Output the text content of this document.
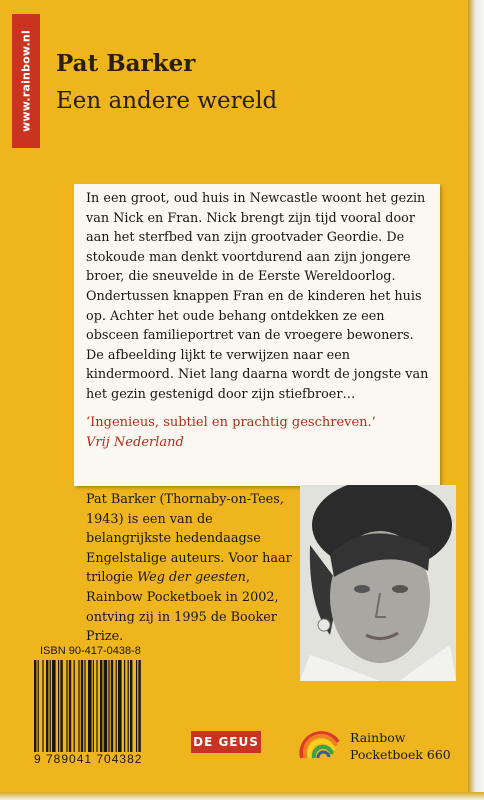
www.rainbow.nl Pat Barker
Een andere wereld

In een groot, oud huis in Newcastle woont het gezin van Nick en Fran. Nick brengt zijn tijd vooral door aan het sterfbed van zijn grootvader Geordie. De stokoude man denkt voortdurend aan zijn jongere broer, die sneuvelde in de Eerste Wereldoorlog.

Ondertussen knappen Fran en de kinderen het huis op. Achter het oude behang ontdekken ze een obsceen familieportret van de vroegere bewoners. De afbeelding lijkt te verwijzen naar een kindermoord. Niet lang daarna wordt de jongste van het gezin gestenigd door zijn stiefbroer…

‘Ingenieus, subtiel en prachtig geschreven.’
Vrij Nederland
Pat Barker (Thornaby-on-Tees, 1943) is een van de belangrijkste hedendaagse Engelstalige auteurs. Voor haar trilogie Weg der geesten, Rainbow Pocketboek in 2002, ontving zij in 1995 de Booker Prize.
ISBN 90-417-0438-8
9 789041 704382
DE GEUS	Rainbow
Pocketboek 660
